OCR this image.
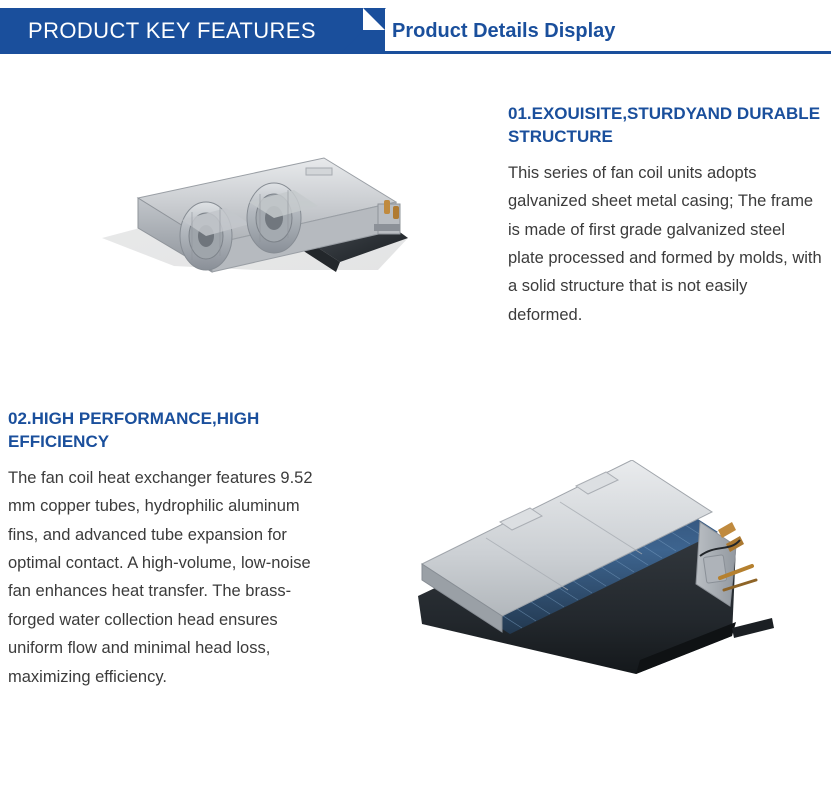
PRODUCT KEY FEATURES	Product Details Display
01.EXOUISITE,STURDYAND DURABLE STRUCTURE

This series of fan coil units adopts galvanized sheet metal casing; The frame is made of first grade galvanized steel plate processed and formed by molds, with a solid structure that is not easily deformed.

02.HIGH PERFORMANCE,HIGH EFFICIENCY

The fan coil heat exchanger features 9.52 mm copper tubes, hydrophilic aluminum fins, and advanced tube expansion for optimal contact. A high-volume, low-noise fan enhances heat transfer. The brass-forged water collection head ensures uniform flow and minimal head loss, maximizing efficiency.
